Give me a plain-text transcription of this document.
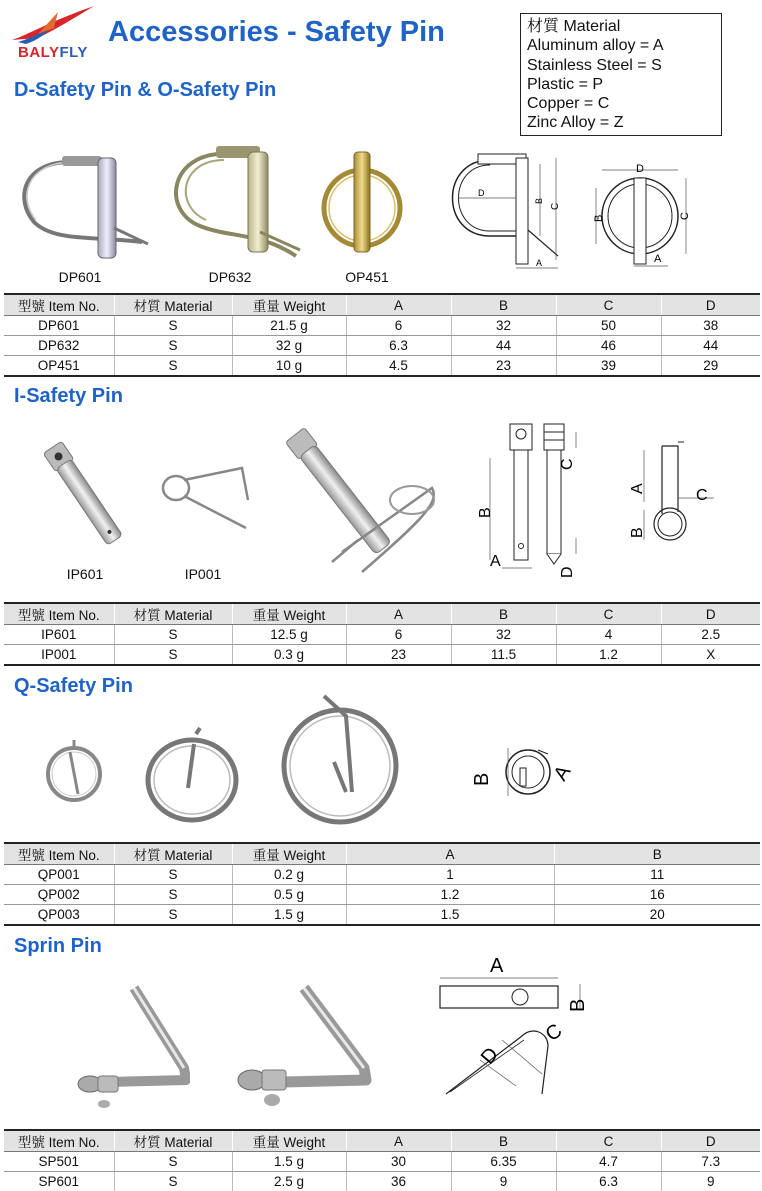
BALYFLY
Accessories - Safety Pin	材質 Material
Aluminum alloy = A
Stainless Steel = S
Plastic = P
Copper = C
Zinc Alloy = Z
D-Safety Pin & O-Safety Pin
DP601	DP632	OP451
D
B
C
A
D
B	C
A
型號 Item No.	材質 Material	重量 Weight	A	B	C	D
DP601	S	21.5 g	6	32	50	38
DP632	S	32 g	6.3	44	46	44
OP451	S	10 g	4.5	23	39	29
I-Safety Pin
IP601	IP001
B
A
C
D
A
B
C
型號 Item No.	材質 Material	重量 Weight	A	B	C	D
IP601	S	12.5 g	6	32	4	2.5
IP001	S	0.3 g	23	11.5	1.2	X
Q-Safety Pin
B	A
型號 Item No.	材質 Material	重量 Weight	A	B
QP001	S	0.2 g	1	11
QP002	S	0.5 g	1.2	16
QP003	S	1.5 g	1.5	20
Sprin Pin
A
B
D
C
型號 Item No.	材質 Material	重量 Weight	A	B	C	D
SP501	S	1.5 g	30	6.35	4.7	7.3
SP601	S	2.5 g	36	9	6.3	9
